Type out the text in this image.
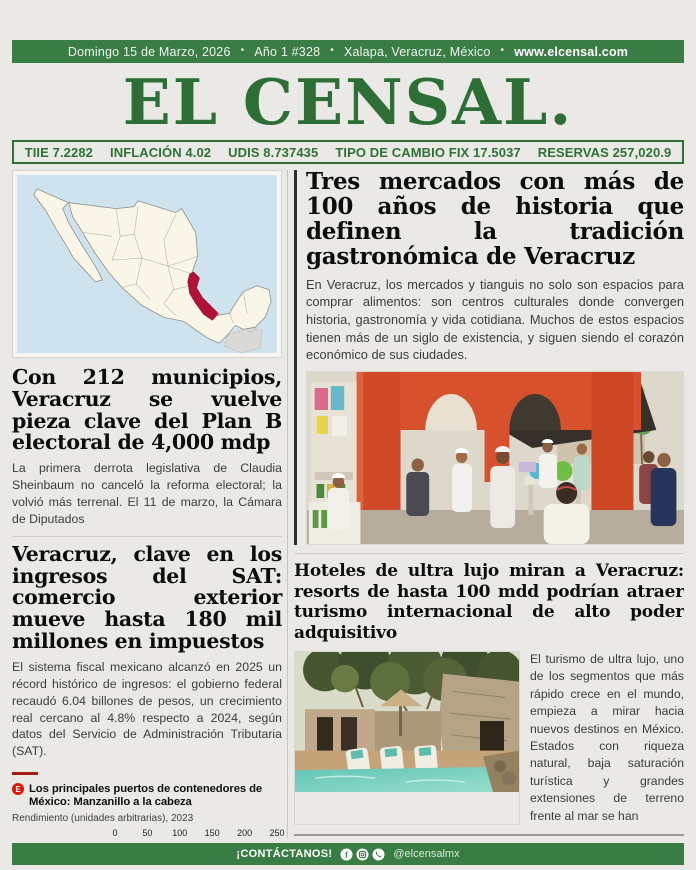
Domingo 15 de Marzo, 2026 • Año 1 #328 • Xalapa, Veracruz, México • www.elcensal.com
EL CENSAL.
TIIE 7.2282 INFLACIÓN 4.02 UDIS 8.737435 TIPO DE CAMBIO FIX 17.5037 RESERVAS 257,020.9
Con 212 municipios, Veracruz se vuelve pieza clave del Plan B electoral de 4,000 mdp
La primera derrota legislativa de Claudia Sheinbaum no canceló la reforma electoral; la volvió más terrenal. El 11 de marzo, la Cámara de Diputados
Veracruz, clave en los ingresos del SAT: comercio exterior mueve hasta 180 mil millones en impuestos
El sistema fiscal mexicano alcanzó en 2025 un récord histórico de ingresos: el gobierno federal recaudó 6.04 billones de pesos, un crecimiento real cercano al 4.8% respecto a 2024, según datos del Servicio de Administración Tributaria (SAT).
E Los principales puertos de contenedores de México: Manzanillo a la cabeza
Rendimiento (unidades arbitrarias), 2023
0	50 100 150 200 250
Tres mercados con más de 100 años de historia que definen la tradición gastronómica de Veracruz
En Veracruz, los mercados y tianguis no solo son espacios para comprar alimentos: son centros culturales donde convergen historia, gastronomía y vida cotidiana. Muchos de estos espacios tienen más de un siglo de existencia, y siguen siendo el corazón económico de sus ciudades.
Hoteles de ultra lujo miran a Veracruz: resorts de hasta 100 mdd podrían atraer turismo internacional de alto poder adquisitivo
El turismo de ultra lujo, uno de los segmentos que más rápido crece en el mundo, empieza a mirar hacia nuevos destinos en México. Estados con riqueza natural, baja saturación turística y grandes extensiones de terreno frente al mar se han
¡CONTÁCTANOS! f	@elcensalmx
